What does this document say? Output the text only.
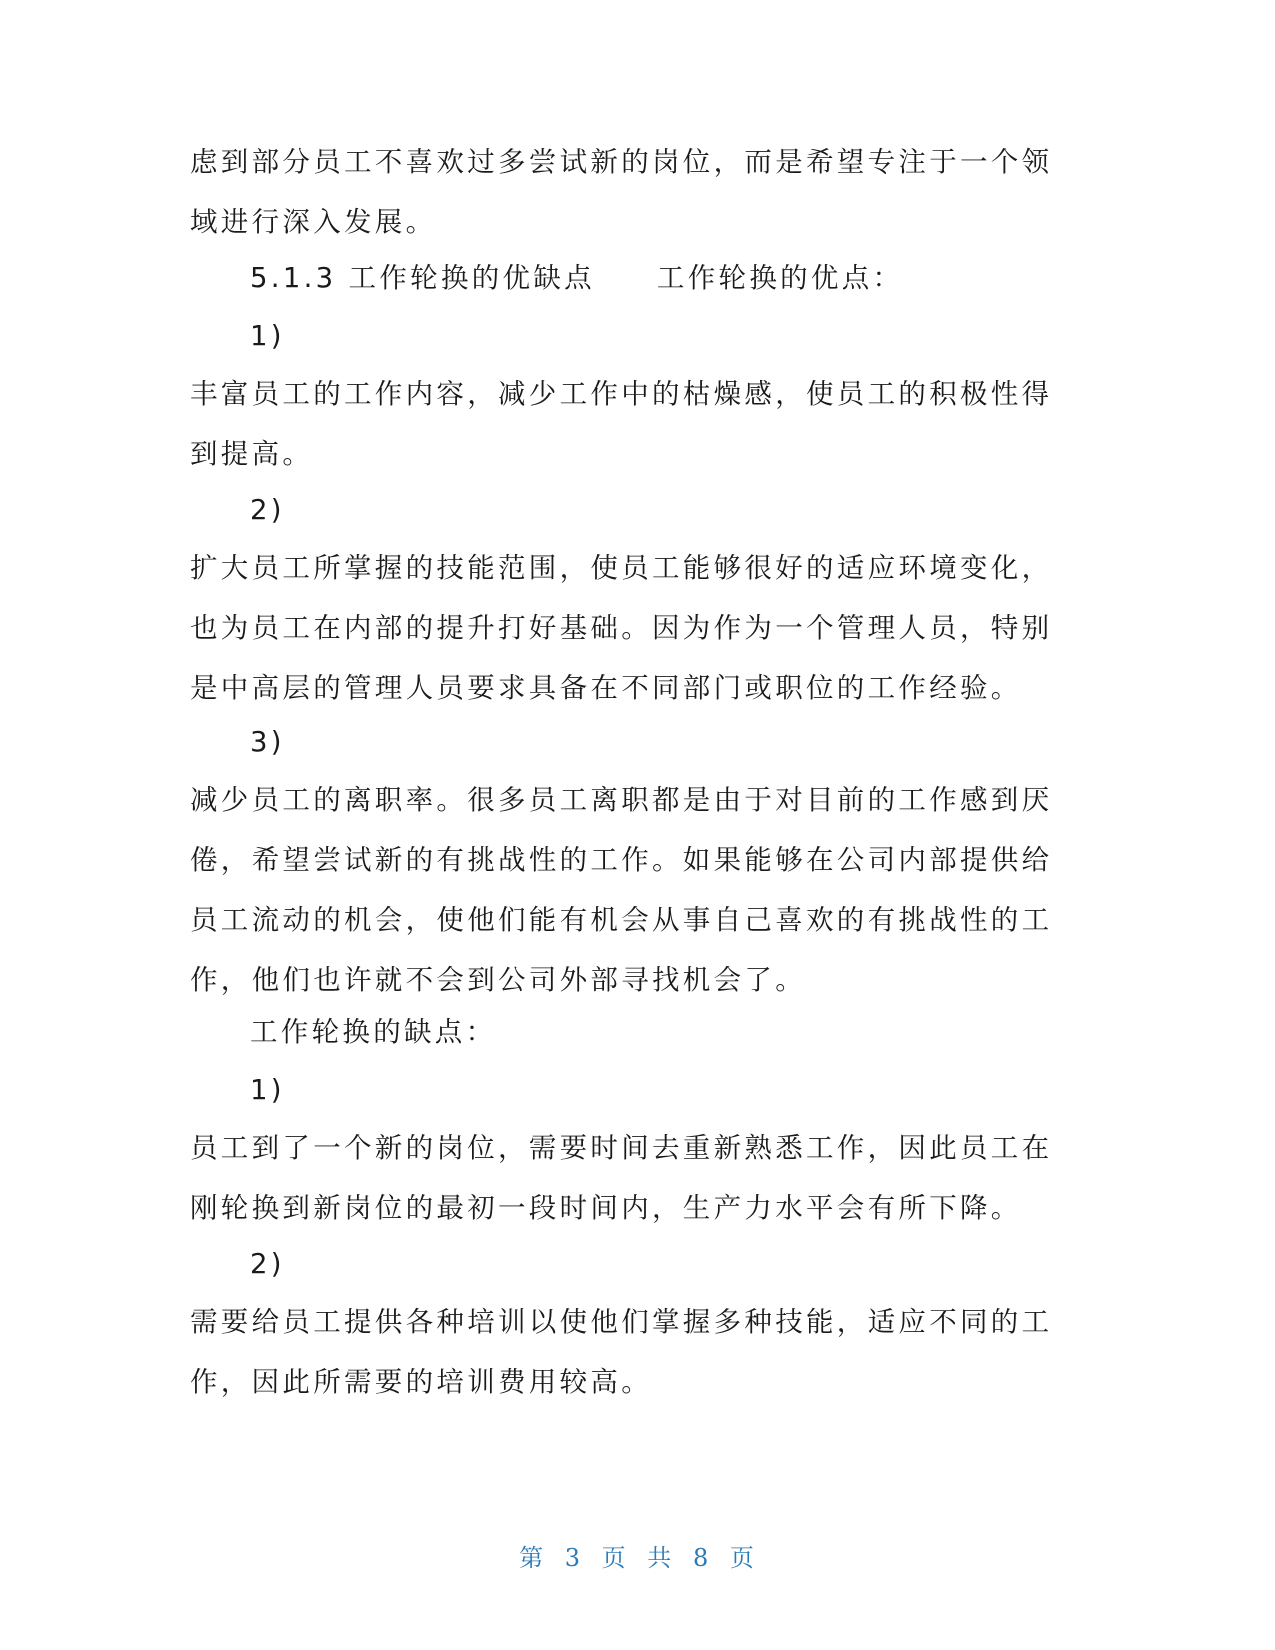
虑到部分员工不喜欢过多尝试新的岗位，而是希望专注于一个领
域进行深入发展。
5.1.3 工作轮换的优缺点 工作轮换的优点：
1)
丰富员工的工作内容，减少工作中的枯燥感，使员工的积极性得
到提高。
2)
扩大员工所掌握的技能范围，使员工能够很好的适应环境变化，
也为员工在内部的提升打好基础。因为作为一个管理人员，特别
是中高层的管理人员要求具备在不同部门或职位的工作经验。
3)
减少员工的离职率。很多员工离职都是由于对目前的工作感到厌
倦，希望尝试新的有挑战性的工作。如果能够在公司内部提供给
员工流动的机会，使他们能有机会从事自己喜欢的有挑战性的工
作，他们也许就不会到公司外部寻找机会了。
工作轮换的缺点：
1)
员工到了一个新的岗位，需要时间去重新熟悉工作，因此员工在
刚轮换到新岗位的最初一段时间内，生产力水平会有所下降。
2)
需要给员工提供各种培训以使他们掌握多种技能，适应不同的工
作，因此所需要的培训费用较高。
第 3 页 共 8 页
